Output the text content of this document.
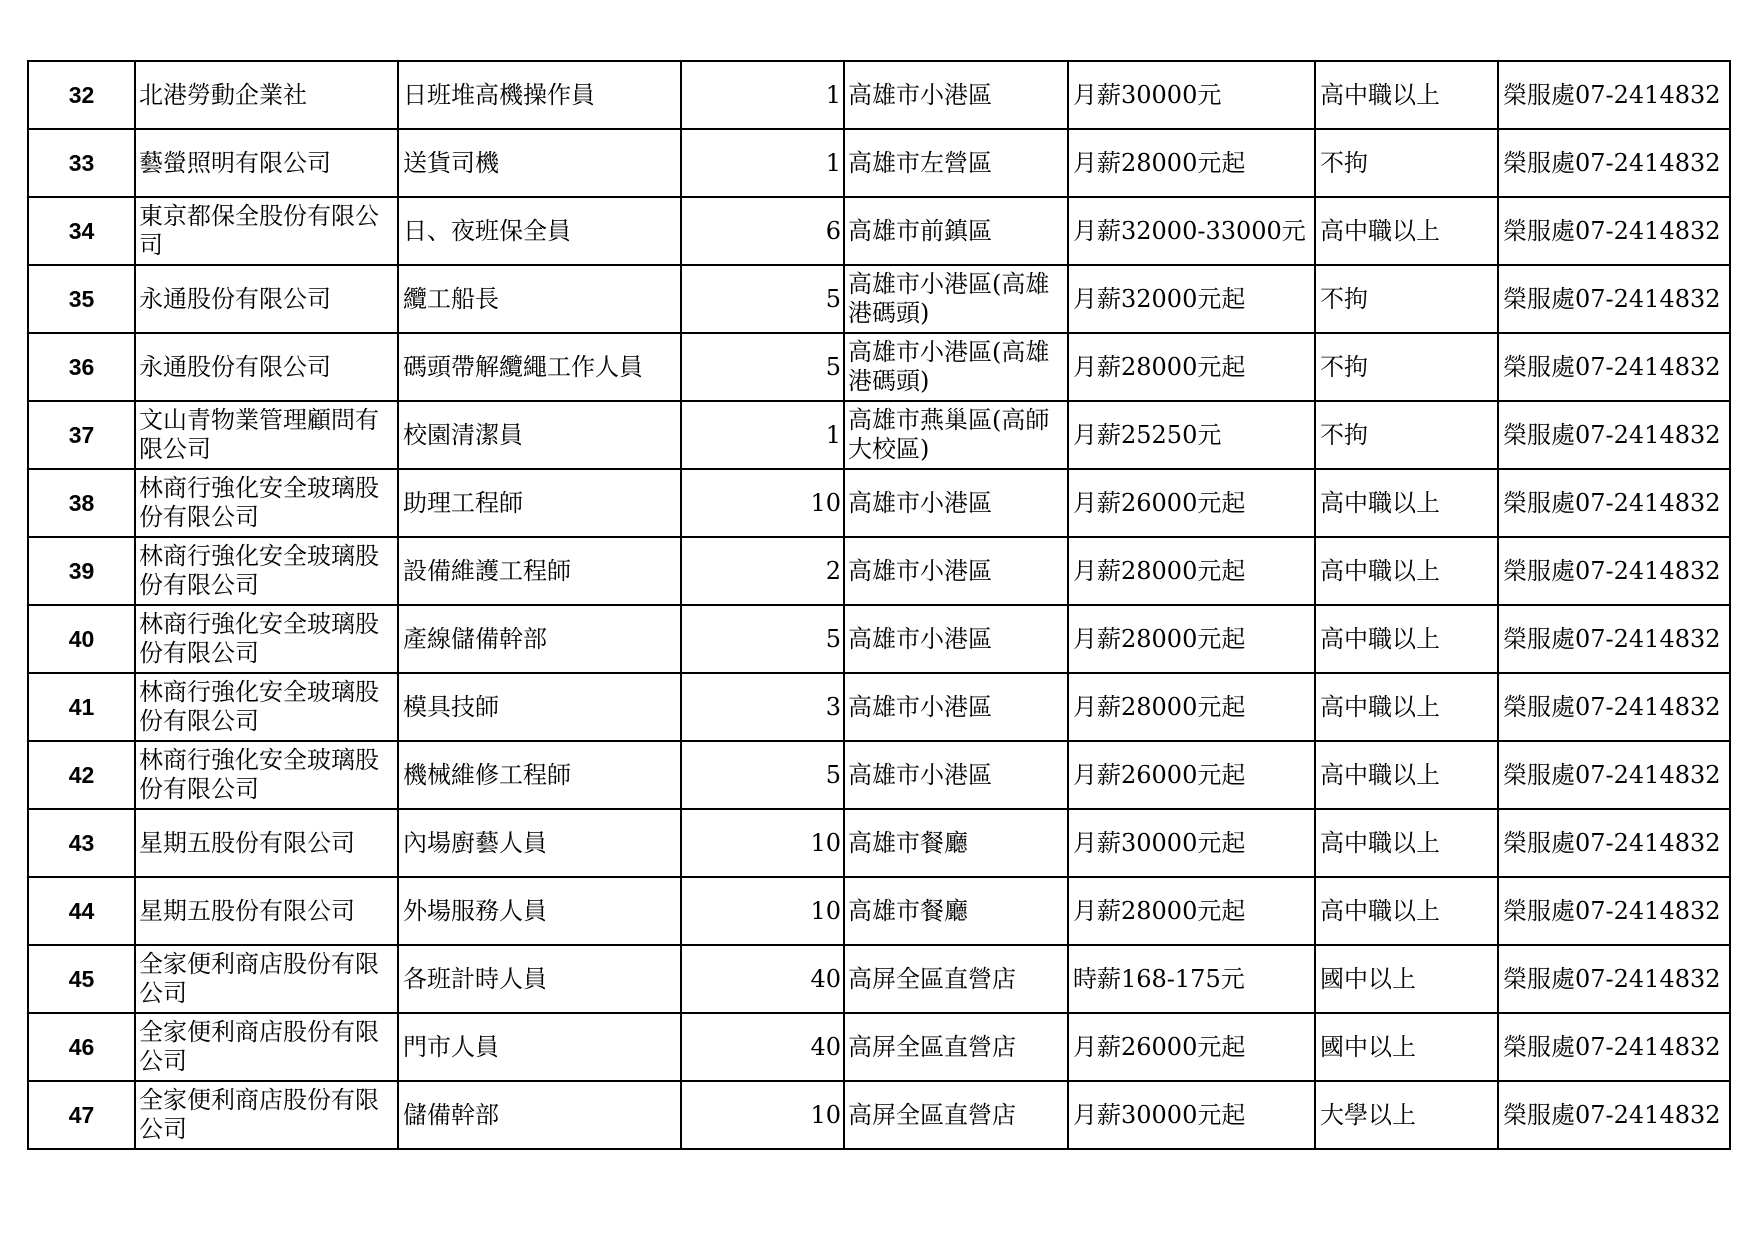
32	北港勞動企業社	日班堆高機操作員	1	高雄市小港區	月薪30000元	高中職以上	榮服處07-2414832
33	藝螢照明有限公司	送貨司機	1	高雄市左營區	月薪28000元起	不拘	榮服處07-2414832
34	東京都保全股份有限公司	日、夜班保全員	6	高雄市前鎮區	月薪32000-33000元	高中職以上	榮服處07-2414832
35	永通股份有限公司	纜工船長	5	高雄市小港區(高雄港碼頭)	月薪32000元起	不拘	榮服處07-2414832
36	永通股份有限公司	碼頭帶解纜繩工作人員	5	高雄市小港區(高雄港碼頭)	月薪28000元起	不拘	榮服處07-2414832
37	文山青物業管理顧問有限公司	校園清潔員	1	高雄市燕巢區(高師大校區)	月薪25250元	不拘	榮服處07-2414832
38	林商行強化安全玻璃股份有限公司	助理工程師	10	高雄市小港區	月薪26000元起	高中職以上	榮服處07-2414832
39	林商行強化安全玻璃股份有限公司	設備維護工程師	2	高雄市小港區	月薪28000元起	高中職以上	榮服處07-2414832
40	林商行強化安全玻璃股份有限公司	產線儲備幹部	5	高雄市小港區	月薪28000元起	高中職以上	榮服處07-2414832
41	林商行強化安全玻璃股份有限公司	模具技師	3	高雄市小港區	月薪28000元起	高中職以上	榮服處07-2414832
42	林商行強化安全玻璃股份有限公司	機械維修工程師	5	高雄市小港區	月薪26000元起	高中職以上	榮服處07-2414832
43	星期五股份有限公司	內場廚藝人員	10	高雄市餐廳	月薪30000元起	高中職以上	榮服處07-2414832
44	星期五股份有限公司	外場服務人員	10	高雄市餐廳	月薪28000元起	高中職以上	榮服處07-2414832
45	全家便利商店股份有限公司	各班計時人員	40	高屏全區直營店	時薪168-175元	國中以上	榮服處07-2414832
46	全家便利商店股份有限公司	門市人員	40	高屏全區直營店	月薪26000元起	國中以上	榮服處07-2414832
47	全家便利商店股份有限公司	儲備幹部	10	高屏全區直營店	月薪30000元起	大學以上	榮服處07-2414832
